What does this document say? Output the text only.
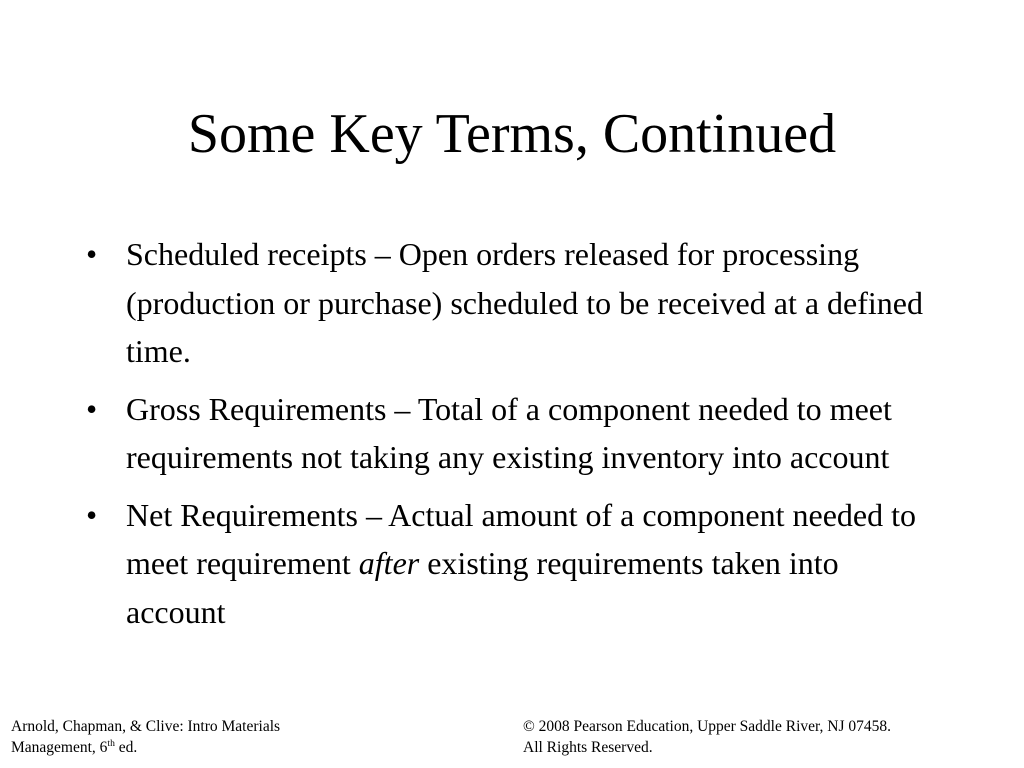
Some Key Terms, Continued
• Scheduled receipts – Open orders released for processing (production or purchase) scheduled to be received at a defined time.
• Gross Requirements – Total of a component needed to meet requirements not taking any existing inventory into account
• Net Requirements – Actual amount of a component needed to meet requirement after existing requirements taken into account
Arnold, Chapman, & Clive: Intro Materials
Management, 6th ed.
© 2008 Pearson Education, Upper Saddle River, NJ 07458.
All Rights Reserved.
